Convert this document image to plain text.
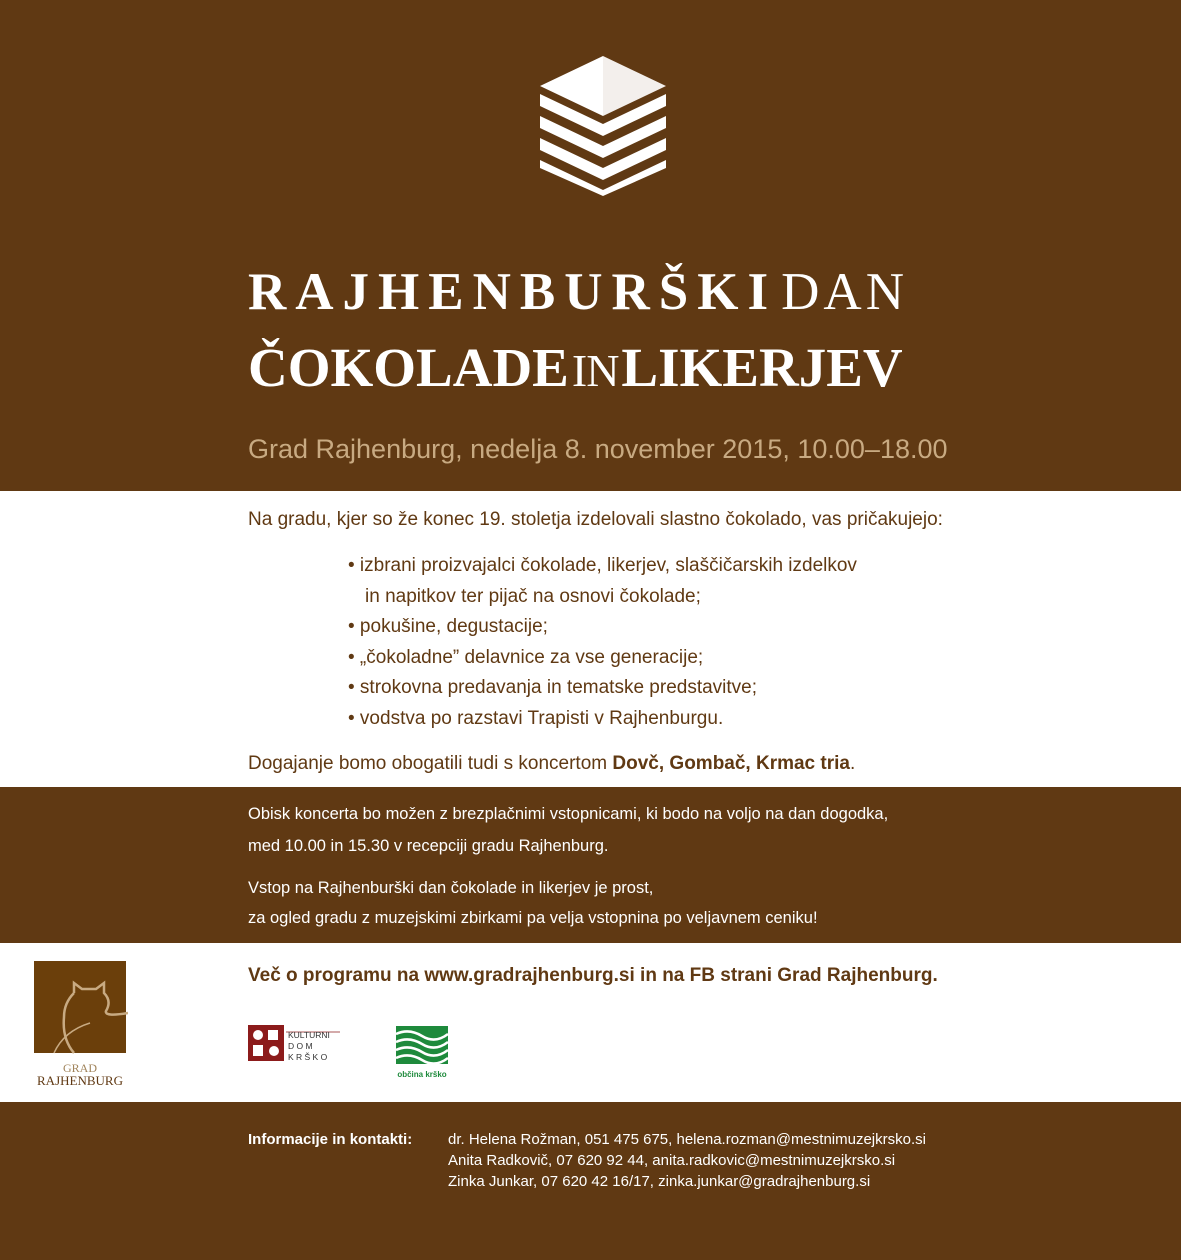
RAJHENBURŠKIDAN
ČOKOLADEINLIKERJEV
Grad Rajhenburg, nedelja 8. november 2015, 10.00–18.00
Na gradu, kjer so že konec 19. stoletja izdelovali slastno čokolado, vas pričakujejo:
• izbrani proizvajalci čokolade, likerjev, slaščičarskih izdelkov
in napitkov ter pijač na osnovi čokolade;
• pokušine, degustacije;
• „čokoladne” delavnice za vse generacije;
• strokovna predavanja in tematske predstavitve;
• vodstva po razstavi Trapisti v Rajhenburgu.
Dogajanje bomo obogatili tudi s koncertom Dovč, Gombač, Krmac tria.

Obisk koncerta bo možen z brezplačnimi vstopnicami, ki bodo na voljo na dan dogodka,

med 10.00 in 15.30 v recepciji gradu Rajhenburg.

Vstop na Rajhenburški dan čokolade in likerjev je prost,

za ogled gradu z muzejskimi zbirkami pa velja vstopnina po veljavnem ceniku!

GRAD
RAJHENBURG
Več o programu na www.gradrajhenburg.si in na FB strani Grad Rajhenburg.
KULTURNI
D O M
K R Š K O
občina krško
Informacije in kontakti: dr. Helena Rožman, 051 475 675, helena.rozman@mestnimuzejkrsko.si
Anita Radkovič, 07 620 92 44, anita.radkovic@mestnimuzejkrsko.si
Zinka Junkar, 07 620 42 16/17, zinka.junkar@gradrajhenburg.si
